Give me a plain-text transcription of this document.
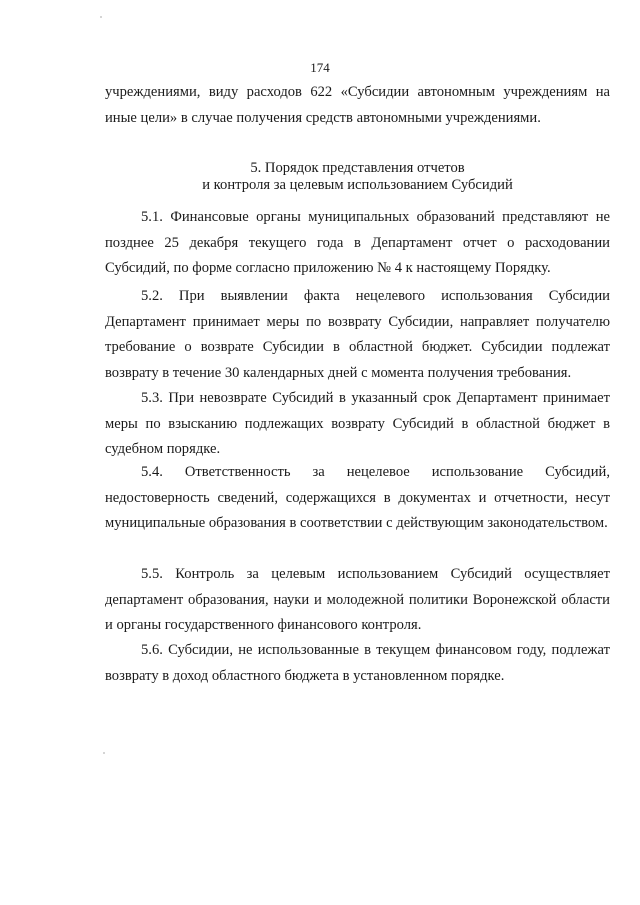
174

учреждениями, виду расходов 622 «Субсидии автономным учреждениям на иные цели» в случае получения средств автономными учреждениями.

5. Порядок представления отчетов
и контроля за целевым использованием Субсидий

5.1. Финансовые органы муниципальных образований представляют не позднее 25 декабря текущего года в Департамент отчет о расходовании Субсидий, по форме согласно приложению № 4 к настоящему Порядку.

5.2. При выявлении факта нецелевого использования Субсидии Департамент принимает меры по возврату Субсидии, направляет получателю требование о возврате Субсидии в областной бюджет. Субсидии подлежат возврату в течение 30 календарных дней с момента получения требования.

5.3. При невозврате Субсидий в указанный срок Департамент принимает меры по взысканию подлежащих возврату Субсидий в областной бюджет в судебном порядке.

5.4. Ответственность за нецелевое использование Субсидий, недостоверность сведений, содержащихся в документах и отчетности, несут муниципальные образования в соответствии с действующим законодательством.

5.5. Контроль за целевым использованием Субсидий осуществляет департамент образования, науки и молодежной политики Воронежской области и органы государственного финансового контроля.

5.6. Субсидии, не использованные в текущем финансовом году, подлежат возврату в доход областного бюджета в установленном порядке.
